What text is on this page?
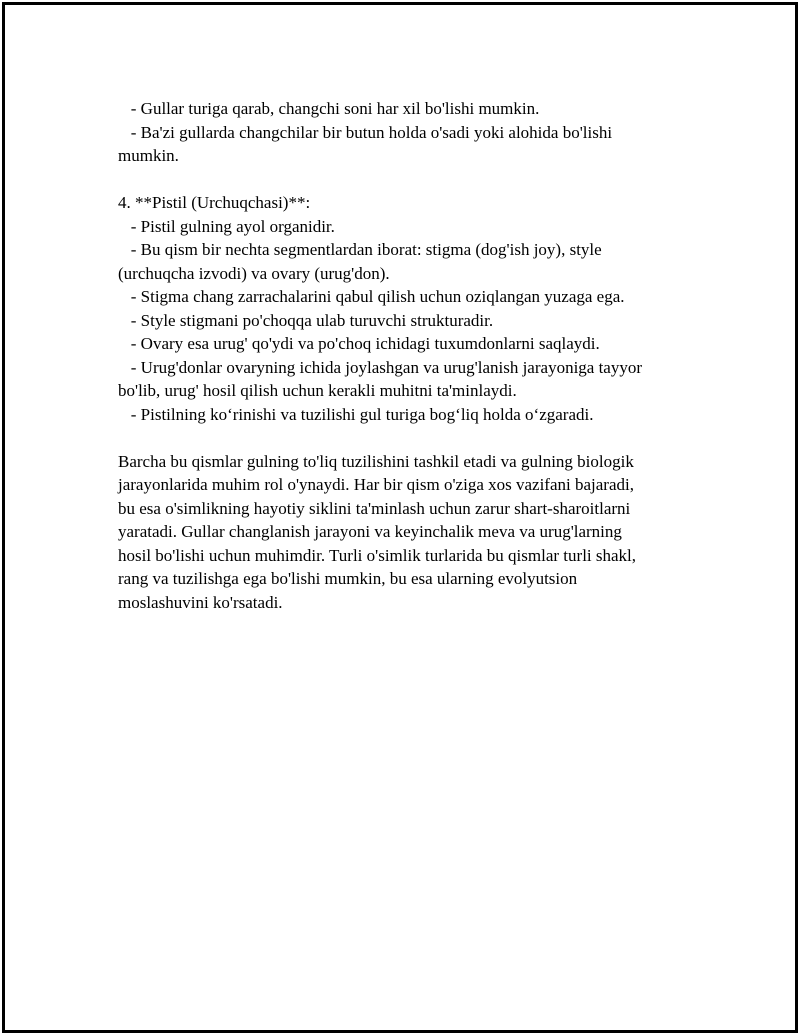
- Gullar turiga qarab, changchi soni har xil bo'lishi mumkin.

- Ba'zi gullarda changchilar bir butun holda o'sadi yoki alohida bo'lishi

mumkin.

4. **Pistil (Urchuqchasi)**:

- Pistil gulning ayol organidir.

- Bu qism bir nechta segmentlardan iborat: stigma (dog'ish joy), style

(urchuqcha izvodi) va ovary (urug'don).

- Stigma chang zarrachalarini qabul qilish uchun oziqlangan yuzaga ega.

- Style stigmani po'choqqa ulab turuvchi strukturadir.

- Ovary esa urug' qo'ydi va po'choq ichidagi tuxumdonlarni saqlaydi.

- Urug'donlar ovaryning ichida joylashgan va urug'lanish jarayoniga tayyor

bo'lib, urug' hosil qilish uchun kerakli muhitni ta'minlaydi.

- Pistilning koʻrinishi va tuzilishi gul turiga bogʻliq holda oʻzgaradi.

Barcha bu qismlar gulning to'liq tuzilishini tashkil etadi va gulning biologik

jarayonlarida muhim rol o'ynaydi. Har bir qism o'ziga xos vazifani bajaradi,

bu esa o'simlikning hayotiy siklini ta'minlash uchun zarur shart-sharoitlarni

yaratadi. Gullar changlanish jarayoni va keyinchalik meva va urug'larning

hosil bo'lishi uchun muhimdir. Turli o'simlik turlarida bu qismlar turli shakl,

rang va tuzilishga ega bo'lishi mumkin, bu esa ularning evolyutsion

moslashuvini ko'rsatadi.
